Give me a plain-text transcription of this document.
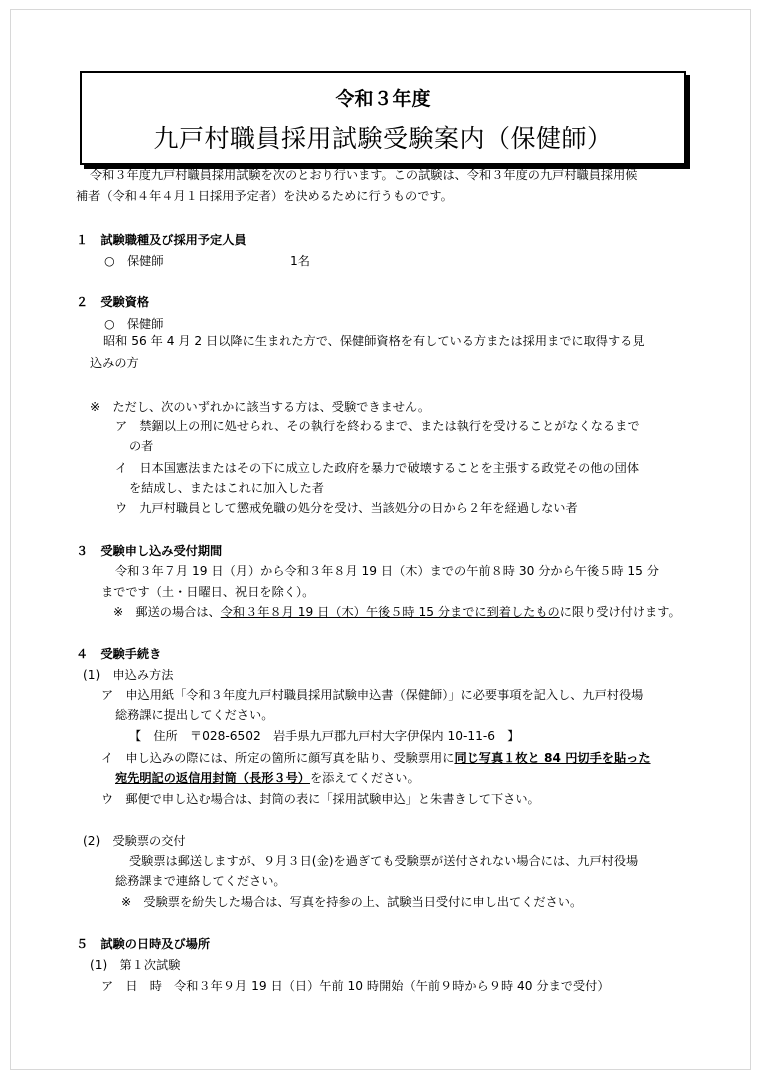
令和３年度
九戸村職員採用試験受験案内（保健師）
令和３年度九戸村職員採用試験を次のとおり行います。この試験は、令和３年度の九戸村職員採用候
補者（令和４年４月１日採用予定者）を決めるために行うものです。
１　試験職種及び採用予定人員
○ 保健師	1名
２　受験資格
○　保健師
昭和 56 年 4 月 2 日以降に生まれた方で、保健師資格を有している方または採用までに取得する見
込みの方
※　ただし、次のいずれかに該当する方は、受験できません。
ア　禁錮以上の刑に処せられ、その執行を終わるまで、または執行を受けることがなくなるまで
の者
イ　日本国憲法またはその下に成立した政府を暴力で破壊することを主張する政党その他の団体
を結成し、またはこれに加入した者
ウ　九戸村職員として懲戒免職の処分を受け、当該処分の日から２年を経過しない者
３　受験申し込み受付期間
令和３年７月 19 日（月）から令和３年８月 19 日（木）までの午前８時 30 分から午後５時 15 分
までです（土・日曜日、祝日を除く）。
※　郵送の場合は、令和３年８月 19 日（木）午後５時 15 分までに到着したものに限り受け付けます。
４　受験手続き
(1)　申込み方法
ア　申込用紙「令和３年度九戸村職員採用試験申込書（保健師）」に必要事項を記入し、九戸村役場
総務課に提出してください。
【　住所　〒028-6502　岩手県九戸郡九戸村大字伊保内 10-11-6　】
イ　申し込みの際には、所定の箇所に顔写真を貼り、受験票用に同じ写真１枚と 84 円切手を貼った
宛先明記の返信用封筒（長形３号）を添えてください。
ウ　郵便で申し込む場合は、封筒の表に「採用試験申込」と朱書きして下さい。
(2)　受験票の交付
受験票は郵送しますが、９月３日(金)を過ぎても受験票が送付されない場合には、九戸村役場
総務課まで連絡してください。
※　受験票を紛失した場合は、写真を持参の上、試験当日受付に申し出てください。
５　試験の日時及び場所
(1)　第１次試験
ア　日　時　令和３年９月 19 日（日）午前 10 時開始（午前９時から９時 40 分まで受付）
